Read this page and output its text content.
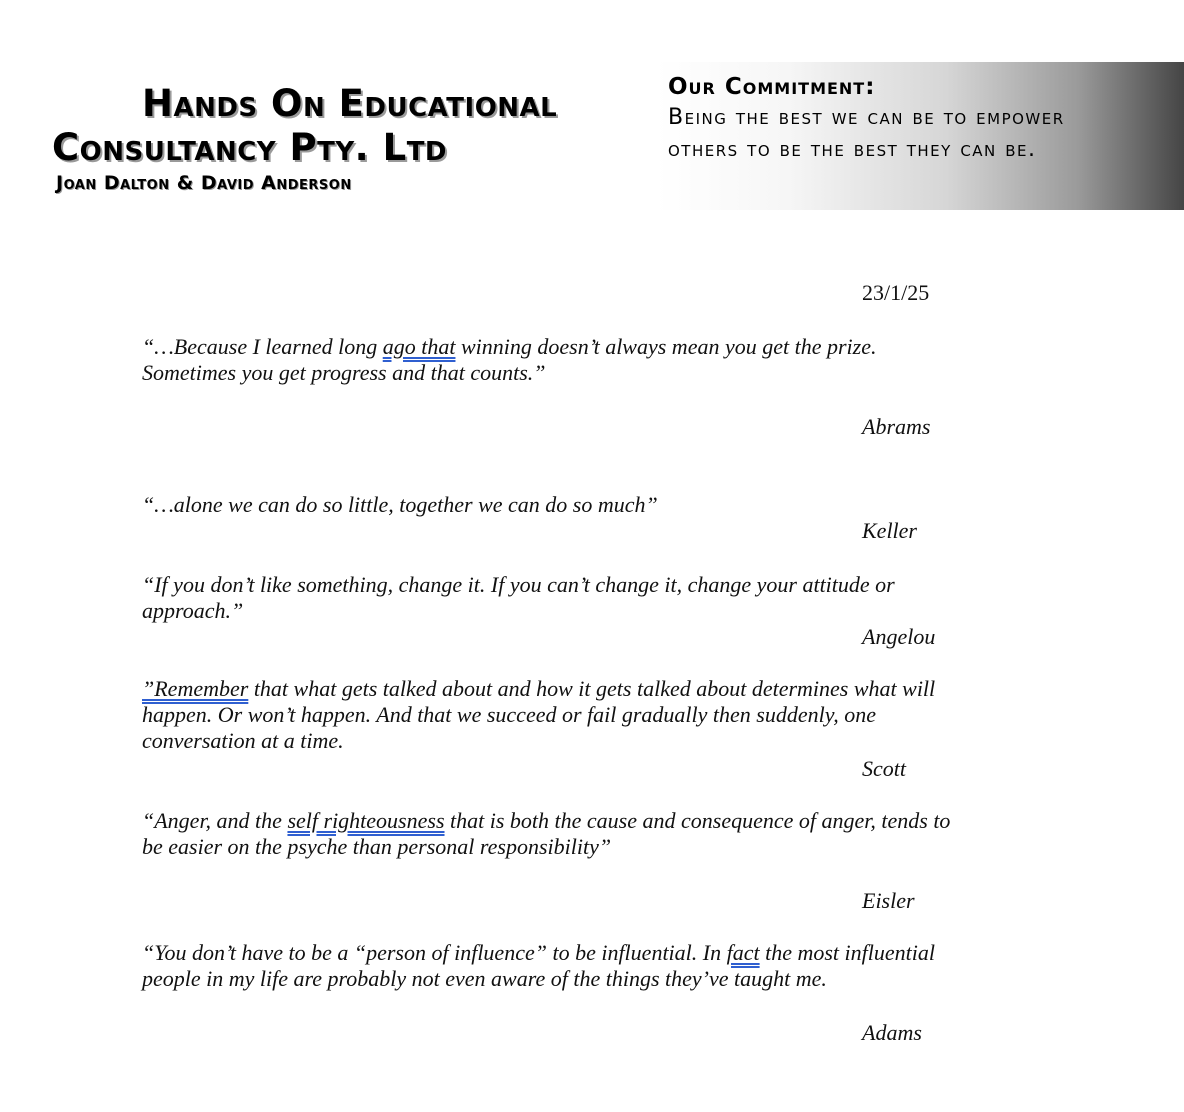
Hands On Educational
Consultancy Pty. Ltd
Joan Dalton & David Anderson
Our Commitment:
Being the best we can be to empower
others to be the best they can be.
23/1/25
“…Because I learned long ago that winning doesn’t always mean you get the prize.
Sometimes you get progress and that counts.”
Abrams
“…alone we can do so little, together we can do so much”
Keller
“If you don’t like something, change it. If you can’t change it, change your attitude or
approach.”
Angelou
”Remember that what gets talked about and how it gets talked about determines what will
happen. Or won’t happen. And that we succeed or fail gradually then suddenly, one
conversation at a time.
Scott
“Anger, and the self righteousness that is both the cause and consequence of anger, tends to
be easier on the psyche than personal responsibility”
Eisler
“You don’t have to be a “person of influence” to be influential. In fact the most influential
people in my life are probably not even aware of the things they’ve taught me.
Adams
